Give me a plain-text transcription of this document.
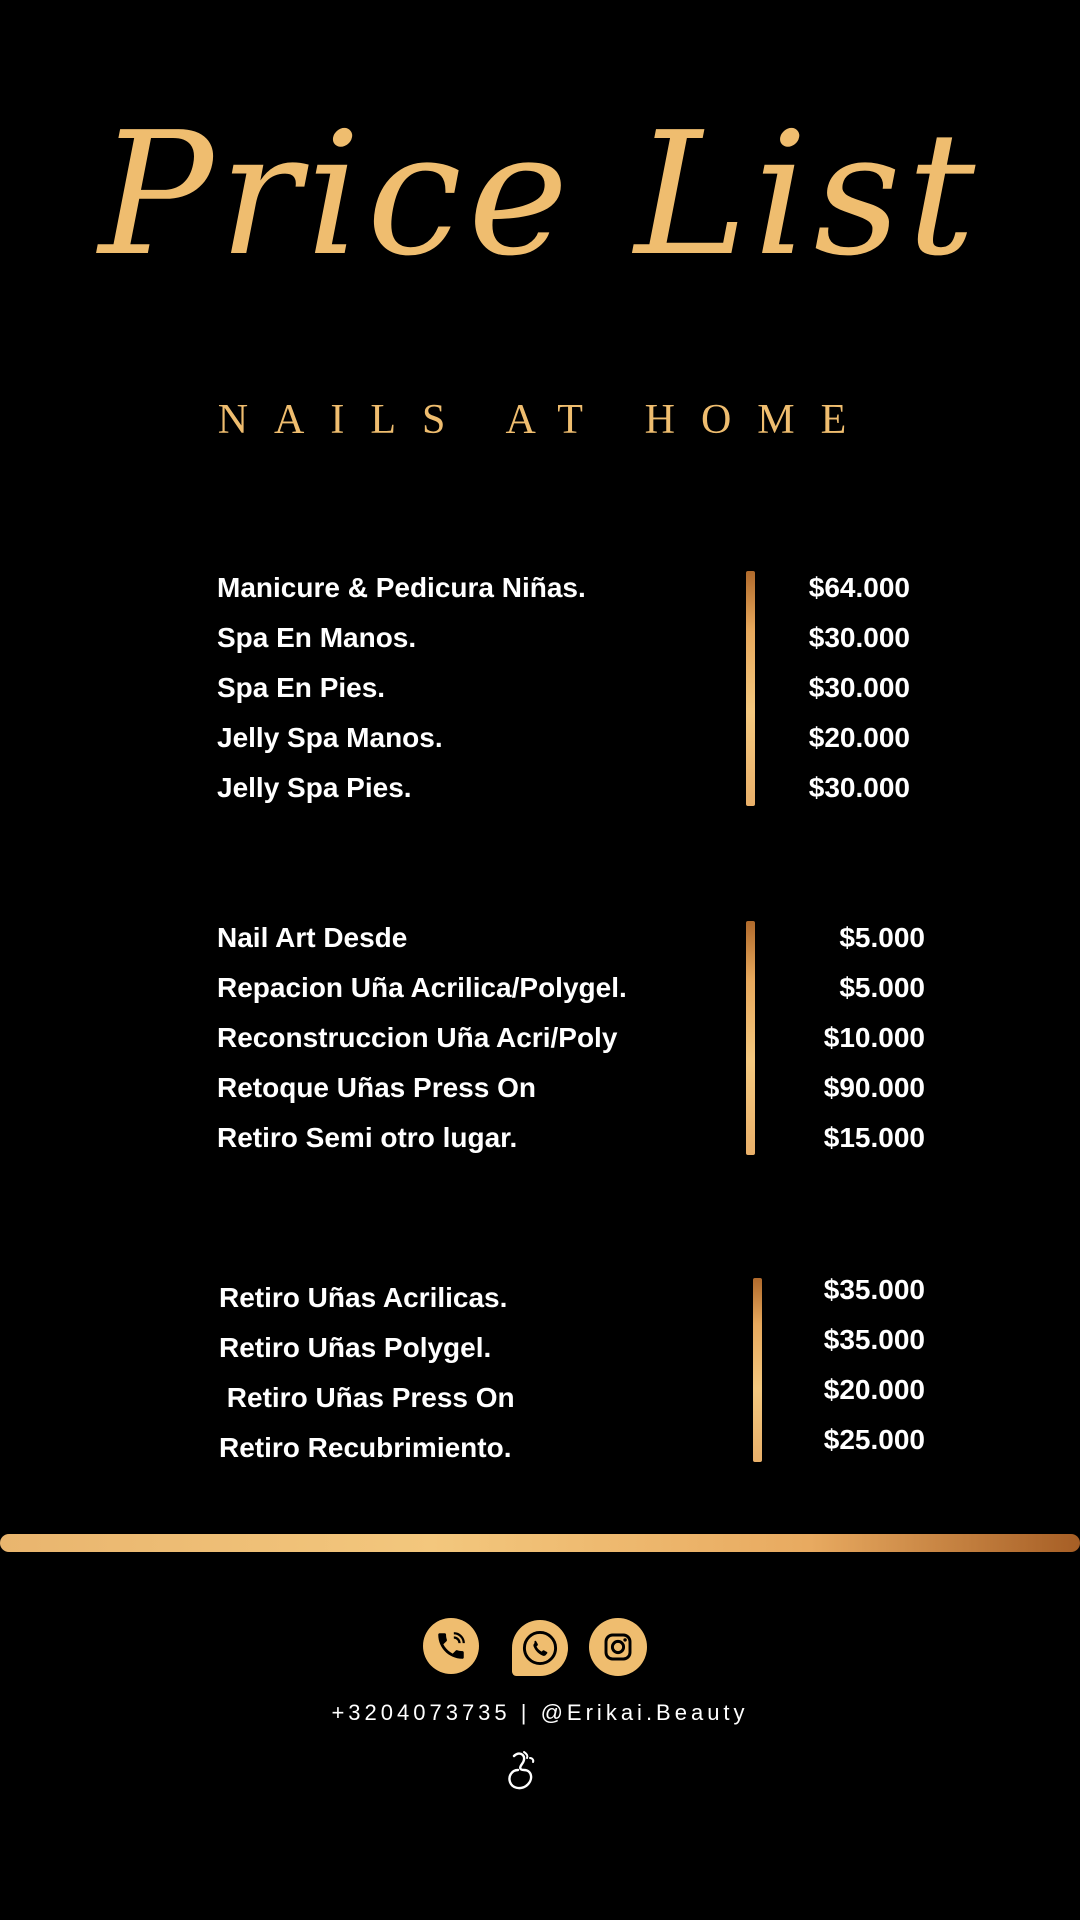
Price List
NAILS AT HOME
Manicure & Pedicura Niñas.	$64.000
Spa En Manos.	$30.000
Spa En Pies.	$30.000
Jelly Spa Manos.	$20.000
Jelly Spa Pies.	$30.000
Nail Art Desde	$5.000
Repacion Uña Acrilica/Polygel.	$5.000
Reconstruccion Uña Acri/Poly	$10.000
Retoque Uñas Press On	$90.000
Retiro Semi otro lugar.	$15.000
Retiro Uñas Acrilicas.	$35.000
Retiro Uñas Polygel.	$35.000
Retiro Uñas Press On	$20.000
Retiro Recubrimiento.	$25.000
+3204073735 | @Erikai.Beauty
